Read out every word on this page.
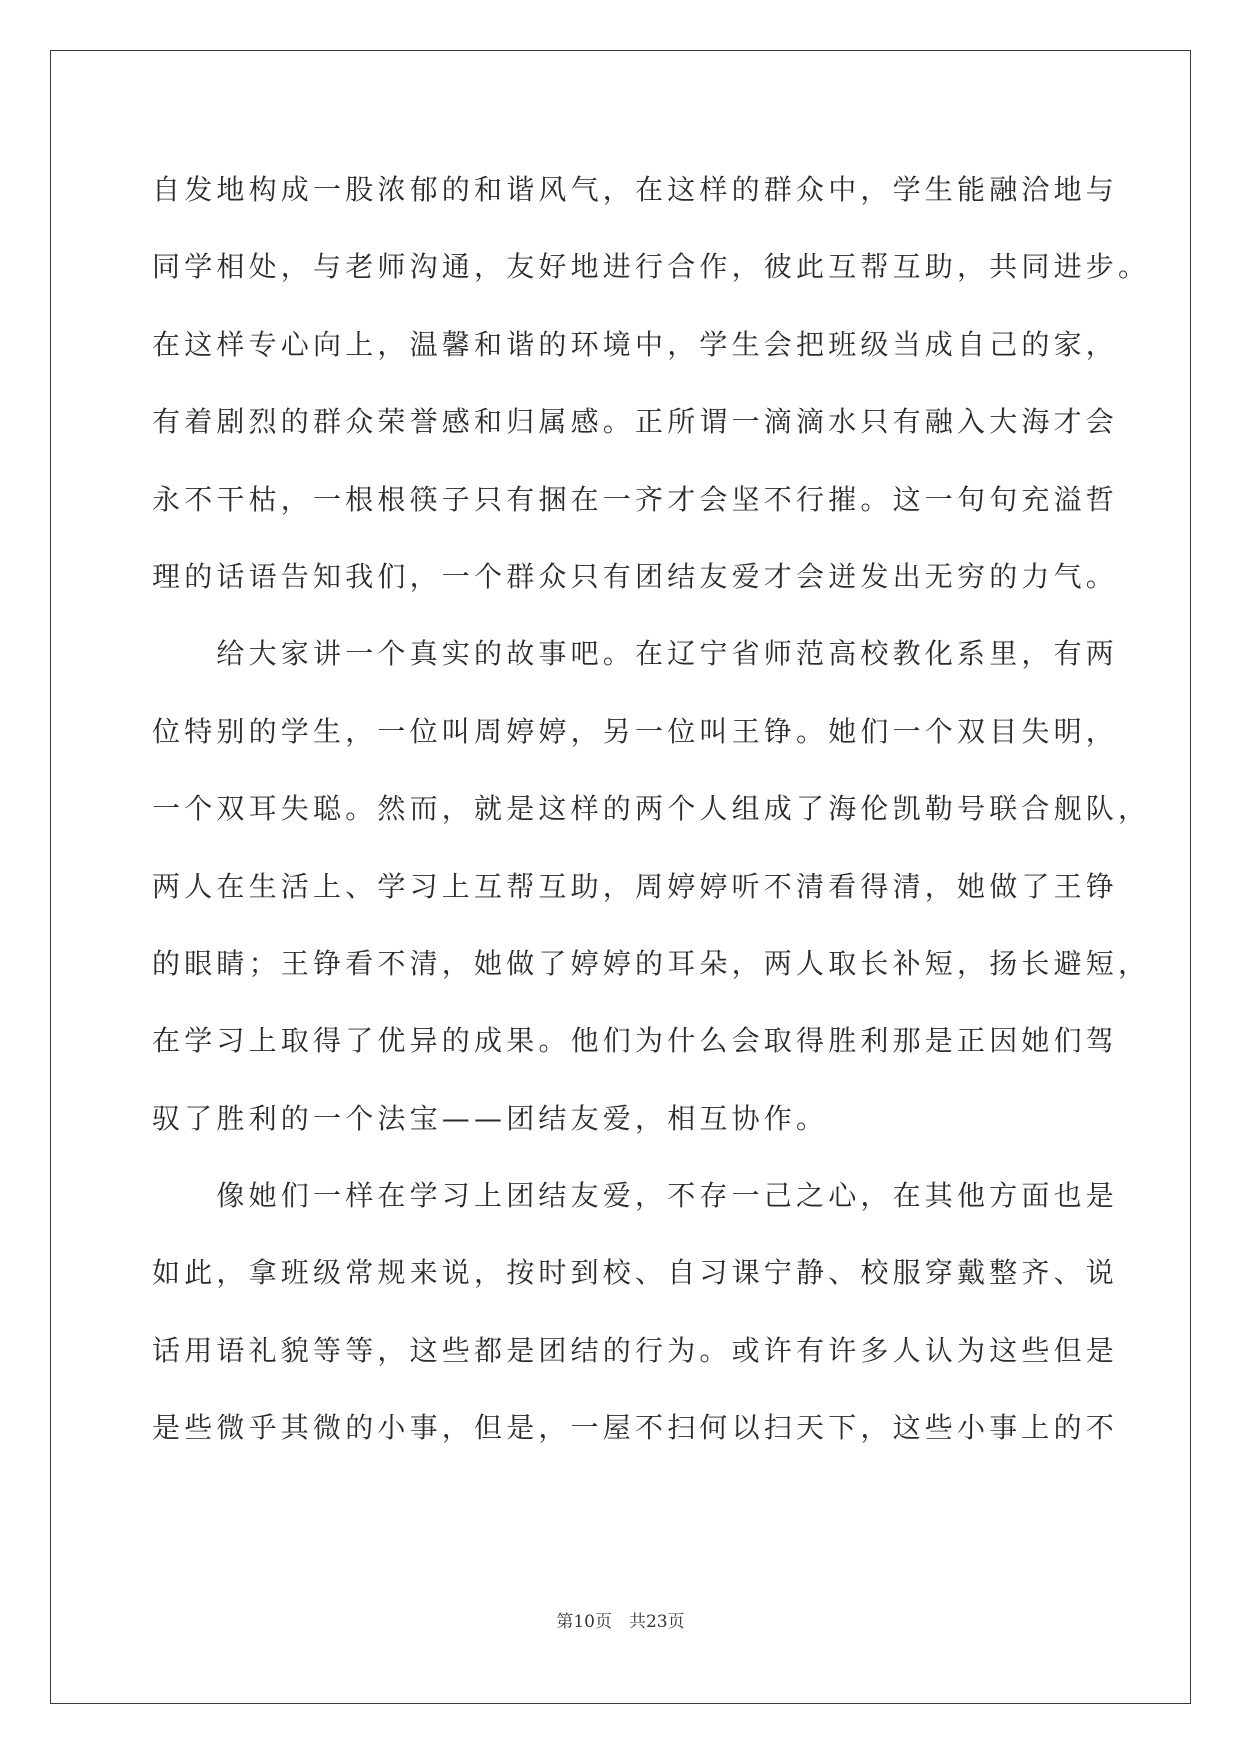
自发地构成一股浓郁的和谐风气，在这样的群众中，学生能融洽地与
同学相处，与老师沟通，友好地进行合作，彼此互帮互助，共同进步。
在这样专心向上，温馨和谐的环境中，学生会把班级当成自己的家，
有着剧烈的群众荣誉感和归属感。正所谓一滴滴水只有融入大海才会
永不干枯，一根根筷子只有捆在一齐才会坚不行摧。这一句句充溢哲
理的话语告知我们，一个群众只有团结友爱才会迸发出无穷的力气。
　　给大家讲一个真实的故事吧。在辽宁省师范高校教化系里，有两
位特别的学生，一位叫周婷婷，另一位叫王铮。她们一个双目失明，
一个双耳失聪。然而，就是这样的两个人组成了海伦凯勒号联合舰队，
两人在生活上、学习上互帮互助，周婷婷听不清看得清，她做了王铮
的眼睛；王铮看不清，她做了婷婷的耳朵，两人取长补短，扬长避短，
在学习上取得了优异的成果。他们为什么会取得胜利那是正因她们驾
驭了胜利的一个法宝——团结友爱，相互协作。
　　像她们一样在学习上团结友爱，不存一己之心，在其他方面也是
如此，拿班级常规来说，按时到校、自习课宁静、校服穿戴整齐、说
话用语礼貌等等，这些都是团结的行为。或许有许多人认为这些但是
是些微乎其微的小事，但是，一屋不扫何以扫天下，这些小事上的不
第10页　共23页
